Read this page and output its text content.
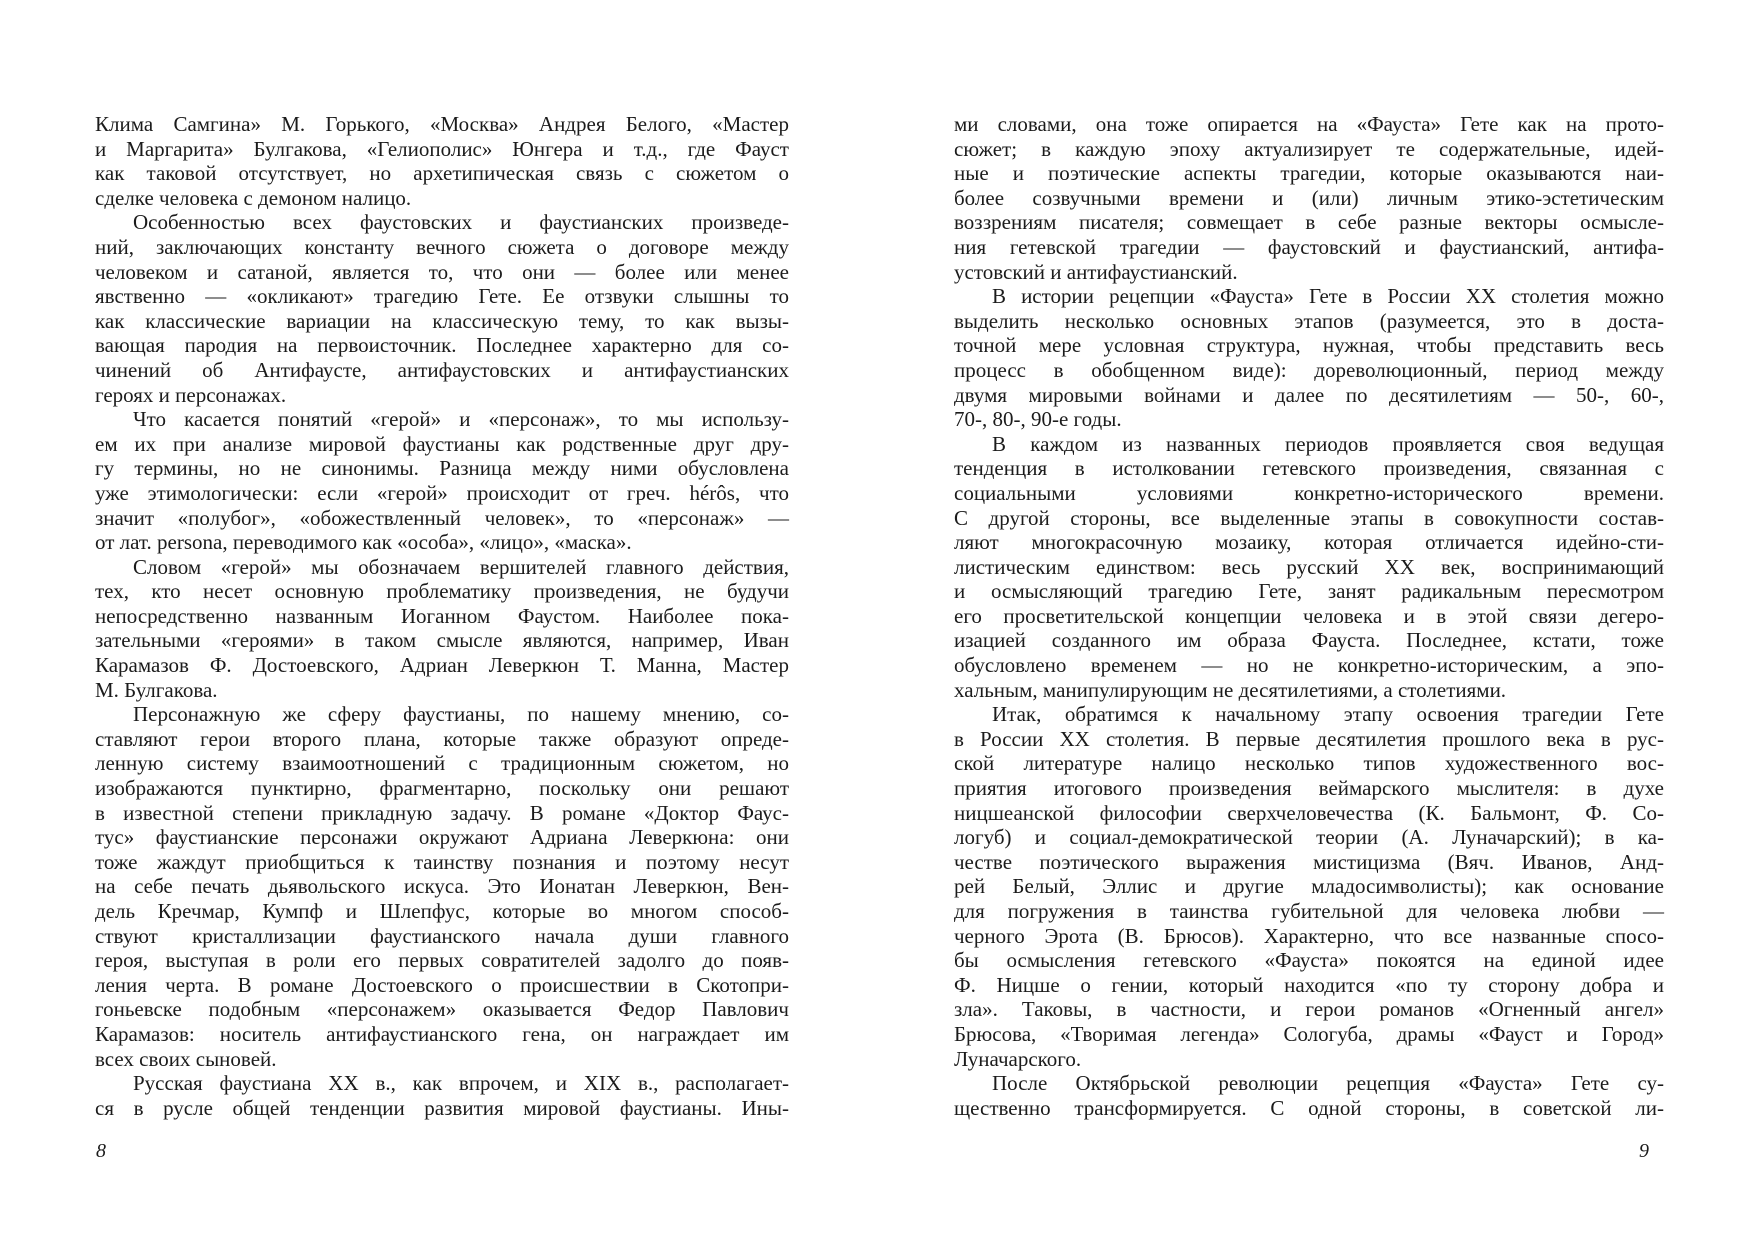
Клима Самгина» М. Горького, «Москва» Андрея Белого, «Мастер
и Маргарита» Булгакова, «Гелиополис» Юнгера и т.д., где Фауст
как таковой отсутствует, но архетипическая связь с сюжетом о
сделке человека с демоном налицо.
Особенностью всех фаустовских и фаустианских произведе-
ний, заключающих константу вечного сюжета о договоре между
человеком и сатаной, является то, что они — более или менее
явственно — «окликают» трагедию Гете. Ее отзвуки слышны то
как классические вариации на классическую тему, то как вызы-
вающая пародия на первоисточник. Последнее характерно для со-
чинений об Антифаусте, антифаустовских и антифаустианских
героях и персонажах.
Что касается понятий «герой» и «персонаж», то мы использу-
ем их при анализе мировой фаустианы как родственные друг дру-
гу термины, но не синонимы. Разница между ними обусловлена
уже этимологически: если «герой» происходит от греч. hérôs, что
значит «полубог», «обожествленный человек», то «персонаж» —
от лат. persona, переводимого как «особа», «лицо», «маска».
Словом «герой» мы обозначаем вершителей главного действия,
тех, кто несет основную проблематику произведения, не будучи
непосредственно названным Иоганном Фаустом. Наиболее пока-
зательными «героями» в таком смысле являются, например, Иван
Карамазов Ф. Достоевского, Адриан Леверкюн Т. Манна, Мастер
М. Булгакова.
Персонажную же сферу фаустианы, по нашему мнению, со-
ставляют герои второго плана, которые также образуют опреде-
ленную систему взаимоотношений с традиционным сюжетом, но
изображаются пунктирно, фрагментарно, поскольку они решают
в известной степени прикладную задачу. В романе «Доктор Фаус-
тус» фаустианские персонажи окружают Адриана Леверкюна: они
тоже жаждут приобщиться к таинству познания и поэтому несут
на себе печать дьявольского искуса. Это Ионатан Леверкюн, Вен-
дель Кречмар, Кумпф и Шлепфус, которые во многом способ-
ствуют кристаллизации фаустианского начала души главного
героя, выступая в роли его первых совратителей задолго до появ-
ления черта. В романе Достоевского о происшествии в Скотопри-
гоньевске подобным «персонажем» оказывается Федор Павлович
Карамазов: носитель антифаустианского гена, он награждает им
всех своих сыновей.
Русская фаустиана XX в., как впрочем, и XIX в., располагает-
ся в русле общей тенденции развития мировой фаустианы. Ины-
8
ми словами, она тоже опирается на «Фауста» Гете как на прото-
сюжет; в каждую эпоху актуализирует те содержательные, идей-
ные и поэтические аспекты трагедии, которые оказываются наи-
более созвучными времени и (или) личным этико-эстетическим
воззрениям писателя; совмещает в себе разные векторы осмысле-
ния гетевской трагедии — фаустовский и фаустианский, антифа-
устовский и антифаустианский.
В истории рецепции «Фауста» Гете в России XX столетия можно
выделить несколько основных этапов (разумеется, это в доста-
точной мере условная структура, нужная, чтобы представить весь
процесс в обобщенном виде): дореволюционный, период между
двумя мировыми войнами и далее по десятилетиям — 50-, 60-,
70-, 80-, 90-е годы.
В каждом из названных периодов проявляется своя ведущая
тенденция в истолковании гетевского произведения, связанная с
социальными условиями конкретно-исторического времени.
С другой стороны, все выделенные этапы в совокупности состав-
ляют многокрасочную мозаику, которая отличается идейно-сти-
листическим единством: весь русский XX век, воспринимающий
и осмысляющий трагедию Гете, занят радикальным пересмотром
его просветительской концепции человека и в этой связи дегеро-
изацией созданного им образа Фауста. Последнее, кстати, тоже
обусловлено временем — но не конкретно-историческим, а эпо-
хальным, манипулирующим не десятилетиями, а столетиями.
Итак, обратимся к начальному этапу освоения трагедии Гете
в России XX столетия. В первые десятилетия прошлого века в рус-
ской литературе налицо несколько типов художественного вос-
приятия итогового произведения веймарского мыслителя: в духе
ницшеанской философии сверхчеловечества (К. Бальмонт, Ф. Со-
логуб) и социал-демократической теории (А. Луначарский); в ка-
честве поэтического выражения мистицизма (Вяч. Иванов, Анд-
рей Белый, Эллис и другие младосимволисты); как основание
для погружения в таинства губительной для человека любви —
черного Эрота (В. Брюсов). Характерно, что все названные спосо-
бы осмысления гетевского «Фауста» покоятся на единой идее
Ф. Ницше о гении, который находится «по ту сторону добра и
зла». Таковы, в частности, и герои романов «Огненный ангел»
Брюсова, «Творимая легенда» Сологуба, драмы «Фауст и Город»
Луначарского.
После Октябрьской революции рецепция «Фауста» Гете су-
щественно трансформируется. С одной стороны, в советской ли-
9
